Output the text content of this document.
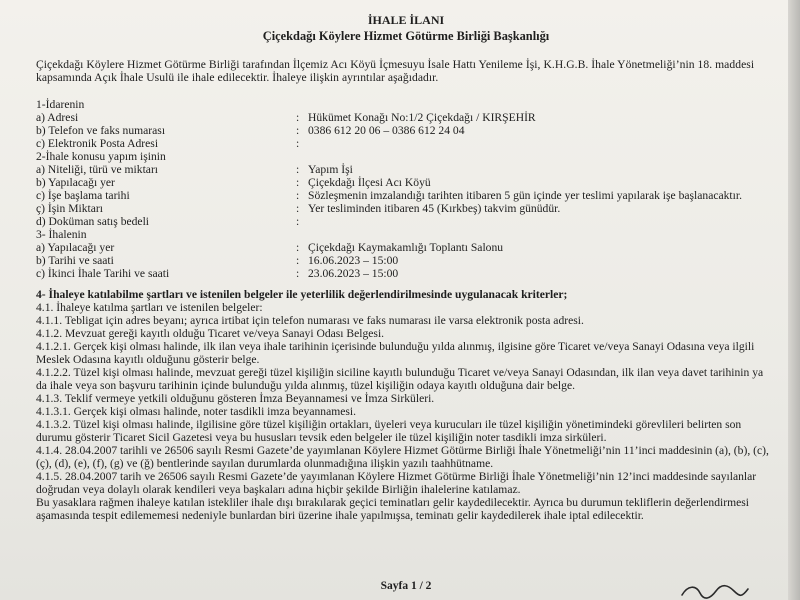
İHALE İLANI

Çiçekdağı Köylere Hizmet Götürme Birliği Başkanlığı

Çiçekdağı Köylere Hizmet Götürme Birliği tarafından İlçemiz Acı Köyü İçmesuyu İsale Hattı Yenileme İşi, K.H.G.B. İhale Yönetmeliği’nin 18. maddesi kapsamında Açık İhale Usulü ile ihale edilecektir. İhaleye ilişkin ayrıntılar aşağıdadır.

1-İdarenin
a) Adresi	: Hükümet Konağı No:1/2 Çiçekdağı / KIRŞEHİR
b) Telefon ve faks numarası	: 0386 612 20 06 – 0386 612 24 04
c) Elektronik Posta Adresi	:
2-İhale konusu yapım işinin
a) Niteliği, türü ve miktarı	: Yapım İşi
b) Yapılacağı yer	: Çiçekdağı İlçesi Acı Köyü
c) İşe başlama tarihi	: Sözleşmenin imzalandığı tarihten itibaren 5 gün içinde yer teslimi yapılarak işe başlanacaktır.
ç) İşin Miktarı	: Yer tesliminden itibaren 45 (Kırkbeş) takvim günüdür.
d) Doküman satış bedeli	:
3- İhalenin
a) Yapılacağı yer	: Çiçekdağı Kaymakamlığı Toplantı Salonu
b) Tarihi ve saati	: 16.06.2023 – 15:00
c) İkinci İhale Tarihi ve saati	: 23.06.2023 – 15:00

4- İhaleye katılabilme şartları ve istenilen belgeler ile yeterlilik değerlendirilmesinde uygulanacak kriterler;

4.1. İhaleye katılma şartları ve istenilen belgeler:

4.1.1. Tebligat için adres beyanı; ayrıca irtibat için telefon numarası ve faks numarası ile varsa elektronik posta adresi.

4.1.2. Mevzuat gereği kayıtlı olduğu Ticaret ve/veya Sanayi Odası Belgesi.

4.1.2.1. Gerçek kişi olması halinde, ilk ilan veya ihale tarihinin içerisinde bulunduğu yılda alınmış, ilgisine göre Ticaret ve/veya Sanayi Odasına veya ilgili Meslek Odasına kayıtlı olduğunu gösterir belge.

4.1.2.2. Tüzel kişi olması halinde, mevzuat gereği tüzel kişiliğin siciline kayıtlı bulunduğu Ticaret ve/veya Sanayi Odasından, ilk ilan veya davet tarihinin ya da ihale veya son başvuru tarihinin içinde bulunduğu yılda alınmış, tüzel kişiliğin odaya kayıtlı olduğuna dair belge.

4.1.3. Teklif vermeye yetkili olduğunu gösteren İmza Beyannamesi ve İmza Sirküleri.

4.1.3.1. Gerçek kişi olması halinde, noter tasdikli imza beyannamesi.

4.1.3.2. Tüzel kişi olması halinde, ilgilisine göre tüzel kişiliğin ortakları, üyeleri veya kurucuları ile tüzel kişiliğin yönetimindeki görevlileri belirten son durumu gösterir Ticaret Sicil Gazetesi veya bu hususları tevsik eden belgeler ile tüzel kişiliğin noter tasdikli imza sirküleri.

4.1.4. 28.04.2007 tarihli ve 26506 sayılı Resmi Gazete’de yayımlanan Köylere Hizmet Götürme Birliği İhale Yönetmeliği’nin 11’inci maddesinin (a), (b), (c), (ç), (d), (e), (f), (g) ve (ğ) bentlerinde sayılan durumlarda olunmadığına ilişkin yazılı taahhütname.

4.1.5. 28.04.2007 tarih ve 26506 sayılı Resmi Gazete’de yayımlanan Köylere Hizmet Götürme Birliği İhale Yönetmeliği’nin 12’inci maddesinde sayılanlar doğrudan veya dolaylı olarak kendileri veya başkaları adına hiçbir şekilde Birliğin ihalelerine katılamaz.

Bu yasaklara rağmen ihaleye katılan istekliler ihale dışı bırakılarak geçici teminatları gelir kaydedilecektir. Ayrıca bu durumun tekliflerin değerlendirmesi aşamasında tespit edilememesi nedeniyle bunlardan biri üzerine ihale yapılmışsa, teminatı gelir kaydedilerek ihale iptal edilecektir.

Sayfa 1 / 2
